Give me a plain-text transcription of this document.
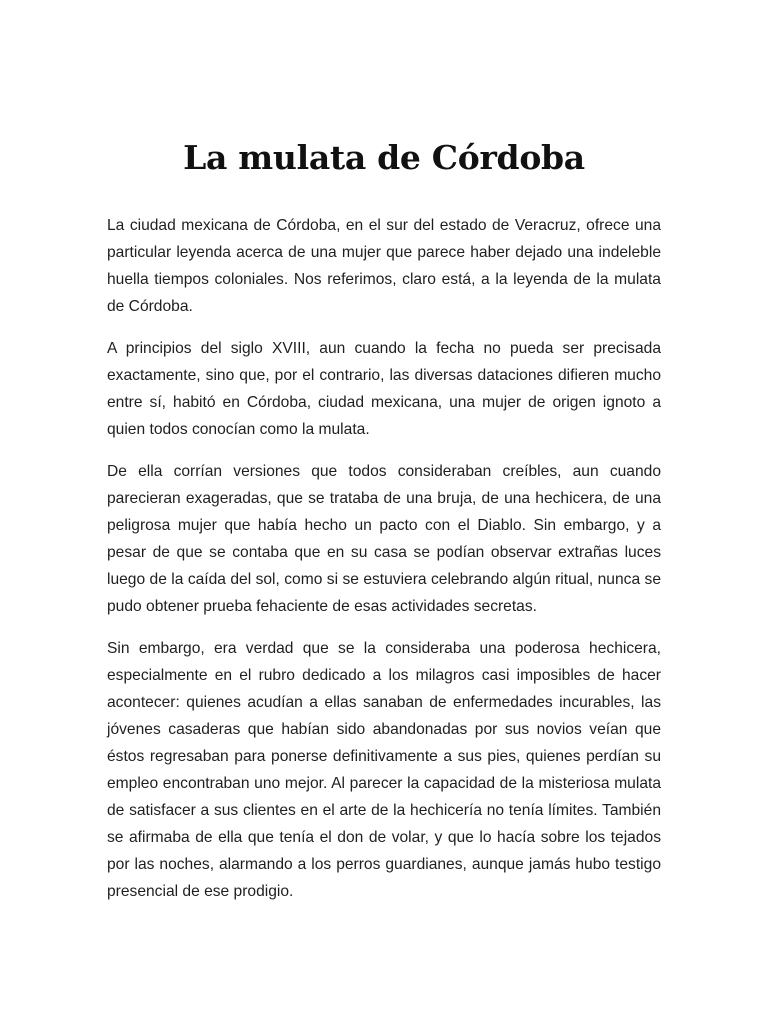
La mulata de Córdoba

La ciudad mexicana de Córdoba, en el sur del estado de Veracruz, ofrece una particular leyenda acerca de una mujer que parece haber dejado una indeleble huella tiempos coloniales. Nos referimos, claro está, a la leyenda de la mulata de Córdoba.

A principios del siglo XVIII, aun cuando la fecha no pueda ser precisada exactamente, sino que, por el contrario, las diversas dataciones difieren mucho entre sí, habitó en Córdoba, ciudad mexicana, una mujer de origen ignoto a quien todos conocían como la mulata.

De ella corrían versiones que todos consideraban creíbles, aun cuando parecieran exageradas, que se trataba de una bruja, de una hechicera, de una peligrosa mujer que había hecho un pacto con el Diablo. Sin embargo, y a pesar de que se contaba que en su casa se podían observar extrañas luces luego de la caída del sol, como si se estuviera celebrando algún ritual, nunca se pudo obtener prueba fehaciente de esas actividades secretas.

Sin embargo, era verdad que se la consideraba una poderosa hechicera, especialmente en el rubro dedicado a los milagros casi imposibles de hacer acontecer: quienes acudían a ellas sanaban de enfermedades incurables, las jóvenes casaderas que habían sido abandonadas por sus novios veían que éstos regresaban para ponerse definitivamente a sus pies, quienes perdían su empleo encontraban uno mejor. Al parecer la capacidad de la misteriosa mulata de satisfacer a sus clientes en el arte de la hechicería no tenía límites. También se afirmaba de ella que tenía el don de volar, y que lo hacía sobre los tejados por las noches, alarmando a los perros guardianes, aunque jamás hubo testigo presencial de ese prodigio.
